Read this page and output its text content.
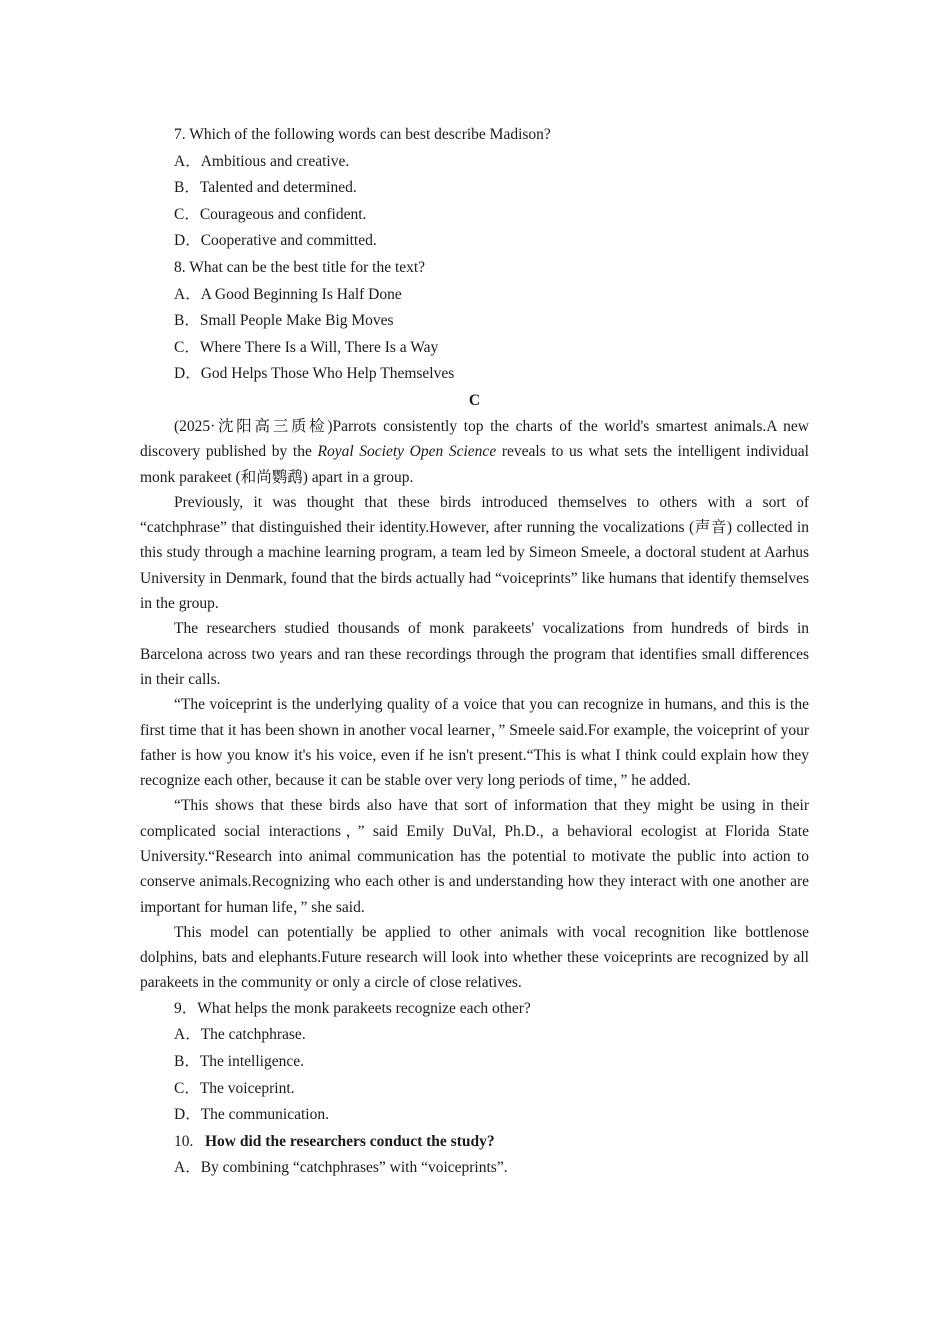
7. Which of the following words can best describe Madison?
A．Ambitious and creative.
B．Talented and determined.
C．Courageous and confident.
D．Cooperative and committed.
8. What can be the best title for the text?
A．A Good Beginning Is Half Done
B．Small People Make Big Moves
C．Where There Is a Will, There Is a Way
D．God Helps Those Who Help Themselves
C

(2025·沈阳高三质检)Parrots consistently top the charts of the world's smartest animals.A new discovery published by the Royal Society Open Science reveals to us what sets the intelligent individual monk parakeet (和尚鹦鹉) apart in a group.

Previously, it was thought that these birds introduced themselves to others with a sort of “catchphrase” that distinguished their identity.However, after running the vocalizations (声音) collected in this study through a machine learning program, a team led by Simeon Smeele, a doctoral student at Aarhus University in Denmark, found that the birds actually had “voiceprints” like humans that identify themselves in the group.

The researchers studied thousands of monk parakeets' vocalizations from hundreds of birds in Barcelona across two years and ran these recordings through the program that identifies small differences in their calls.

“The voiceprint is the underlying quality of a voice that you can recognize in humans, and this is the first time that it has been shown in another vocal learner，” Smeele said.For example, the voiceprint of your father is how you know it's his voice, even if he isn't present.“This is what I think could explain how they recognize each other, because it can be stable over very long periods of time，” he added.

“This shows that these birds also have that sort of information that they might be using in their complicated social interactions，” said Emily DuVal, Ph.D., a behavioral ecologist at Florida State University.“Research into animal communication has the potential to motivate the public into action to conserve animals.Recognizing who each other is and understanding how they interact with one another are important for human life，” she said.

This model can potentially be applied to other animals with vocal recognition like bottlenose dolphins, bats and elephants.Future research will look into whether these voiceprints are recognized by all parakeets in the community or only a circle of close relatives.

9．What helps the monk parakeets recognize each other?
A．The catchphrase.
B．The intelligence.
C．The voiceprint.
D．The communication.
10.   How did the researchers conduct the study?
A．By combining “catchphrases” with “voiceprints”.
